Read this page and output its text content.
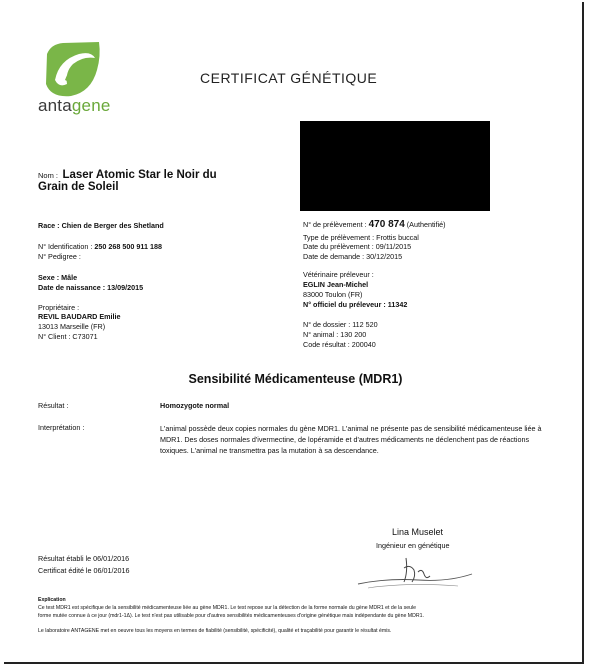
antagene
CERTIFICAT GÉNÉTIQUE
Nom : Laser Atomic Star le Noir du
Grain de Soleil
Race : Chien de Berger des Shetland
N° Identification : 250 268 500 911 188
N° Pedigree :
Sexe : Mâle
Date de naissance : 13/09/2015
Propriétaire :
REVIL BAUDARD Emilie
13013 Marseille (FR)
N° Client : C73071
N° de prélèvement : 470 874 (Authentifié)
Type de prélèvement : Frottis buccal
Date du prélèvement : 09/11/2015
Date de demande : 30/12/2015
Vétérinaire préleveur :
EGLIN Jean-Michel
83000 Toulon (FR)
N° officiel du préleveur : 11342
N° de dossier : 112 520
N° animal : 130 200
Code résultat : 200040
Sensibilité Médicamenteuse (MDR1)
Résultat :	Homozygote normal
Interprétation :	L'animal possède deux copies normales du gène MDR1. L'animal ne présente pas de sensibilité médicamenteuse liée à MDR1. Des doses normales d'ivermectine, de lopéramide et d'autres médicaments ne déclenchent pas de réactions toxiques. L'animal ne transmettra pas la mutation à sa descendance.
Lina Muselet
Ingénieur en génétique
Résultat établi le 06/01/2016
Certificat édité le 06/01/2016
Explication
Ce test MDR1 est spécifique de la sensibilité médicamenteuse liée au gène MDR1. Le test repose sur la détection de la forme normale du gène MDR1 et de la seule
forme mutée connue à ce jour (mdr1-1Δ). Le test n'est pas utilisable pour d'autres sensibilités médicamenteuses d'origine génétique mais indépendante du gène MDR1.
Le laboratoire ANTAGENE met en oeuvre tous les moyens en termes de fiabilité (sensibilité, spécificité), qualité et traçabilité pour garantir le résultat émis.
